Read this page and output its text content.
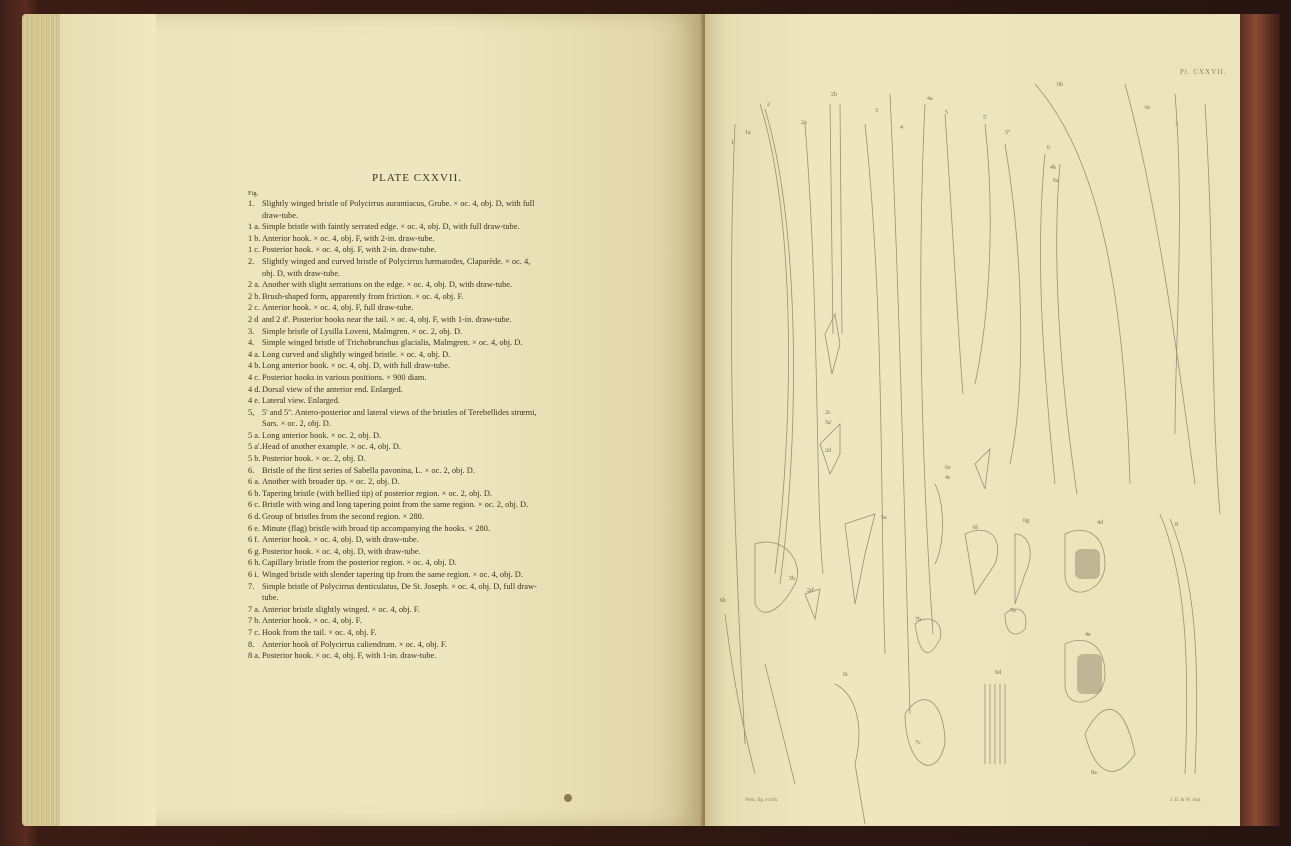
PLATE CXXVII.
Fig.
1. Slightly winged bristle of Polycirrus aurantiacus, Grube. × oc. 4, obj. D, with full
draw-tube.
1 a. Simple bristle with faintly serrated edge. × oc. 4, obj. D, with full draw-tube.
1 b. Anterior hook. × oc. 4, obj. F, with 2-in. draw-tube.
1 c. Posterior hook. × oc. 4, obj. F, with 2-in. draw-tube.
2. Slightly winged and curved bristle of Polycirrus hæmatodes, Claparède. × oc. 4,
obj. D, with draw-tube.
2 a. Another with slight serrations on the edge. × oc. 4, obj. D, with draw-tube.
2 b. Brush-shaped form, apparently from friction. × oc. 4, obj. F.
2 c. Anterior hook. × oc. 4, obj. F, full draw-tube.
2 d and 2 d'. Posterior hooks near the tail. × oc. 4, obj. F, with 1-in. draw-tube.
3. Simple bristle of Lysilla Loveni, Malmgren. × oc. 2, obj. D.
4. Simple winged bristle of Trichobranchus glacialis, Malmgren. × oc. 4, obj. D.
4 a. Long curved and slightly winged bristle. × oc. 4, obj. D.
4 b. Long anterior hook. × oc. 4, obj. D, with full draw-tube.
4 c. Posterior hooks in various positions. × 900 diam.
4 d. Dorsal view of the anterior end. Enlarged.
4 e. Lateral view. Enlarged.
5, 5' and 5''. Antero-posterior and lateral views of the bristles of Terebellides strœmi,
Sars. × oc. 2, obj. D.
5 a. Long anterior hook. × oc. 2, obj. D.
5 a'. Head of another example. × oc. 4, obj. D.
5 b. Posterior hook. × oc. 2, obj. D.
6. Bristle of the first series of Sabella pavonina, L. × oc. 2, obj. D.
6 a. Another with broader tip. × oc. 2, obj. D.
6 b. Tapering bristle (with bellied tip) of posterior region. × oc. 2, obj. D.
6 c. Bristle with wing and long tapering point from the same region. × oc. 2, obj. D.
6 d. Group of bristles from the second region. × 280.
6 e. Minute (flag) bristle with broad tip accompanying the hooks. × 280.
6 f. Anterior hook. × oc. 4, obj. D, with draw-tube.
6 g. Posterior hook. × oc. 4, obj. D, with draw-tube.
6 h. Capillary bristle from the posterior region. × oc. 4, obj. D.
6 i. Winged bristle with slender tapering tip from the same region. × oc. 4, obj. D.
7. Simple bristle of Polycirrus denticulatus, De St. Joseph. × oc. 4, obj. D, full draw-
tube.
7 a. Anterior bristle slightly winged. × oc. 4, obj. F.
7 b. Anterior hook. × oc. 4, obj. F.
7 c. Hook from the tail. × oc. 4, obj. F.
8. Anterior hook of Polycirrus caliendrum. × oc. 4, obj. F.
8 a. Posterior hook. × oc. 4, obj. F, with 1-in. draw-tube.
Pl. CXXVII.
West, fig. et lith.	J. D. & W. imp.
1
1a
2
2a
2b
2c
2d
2d'
3
4
4a
4b
4c
4d
4e
5
5a
5a'
5b
5'
5''
6
6a
6b
6c
6d
6e
6f
6g
6h
6i
7
7a
7b
7c
8
8a
